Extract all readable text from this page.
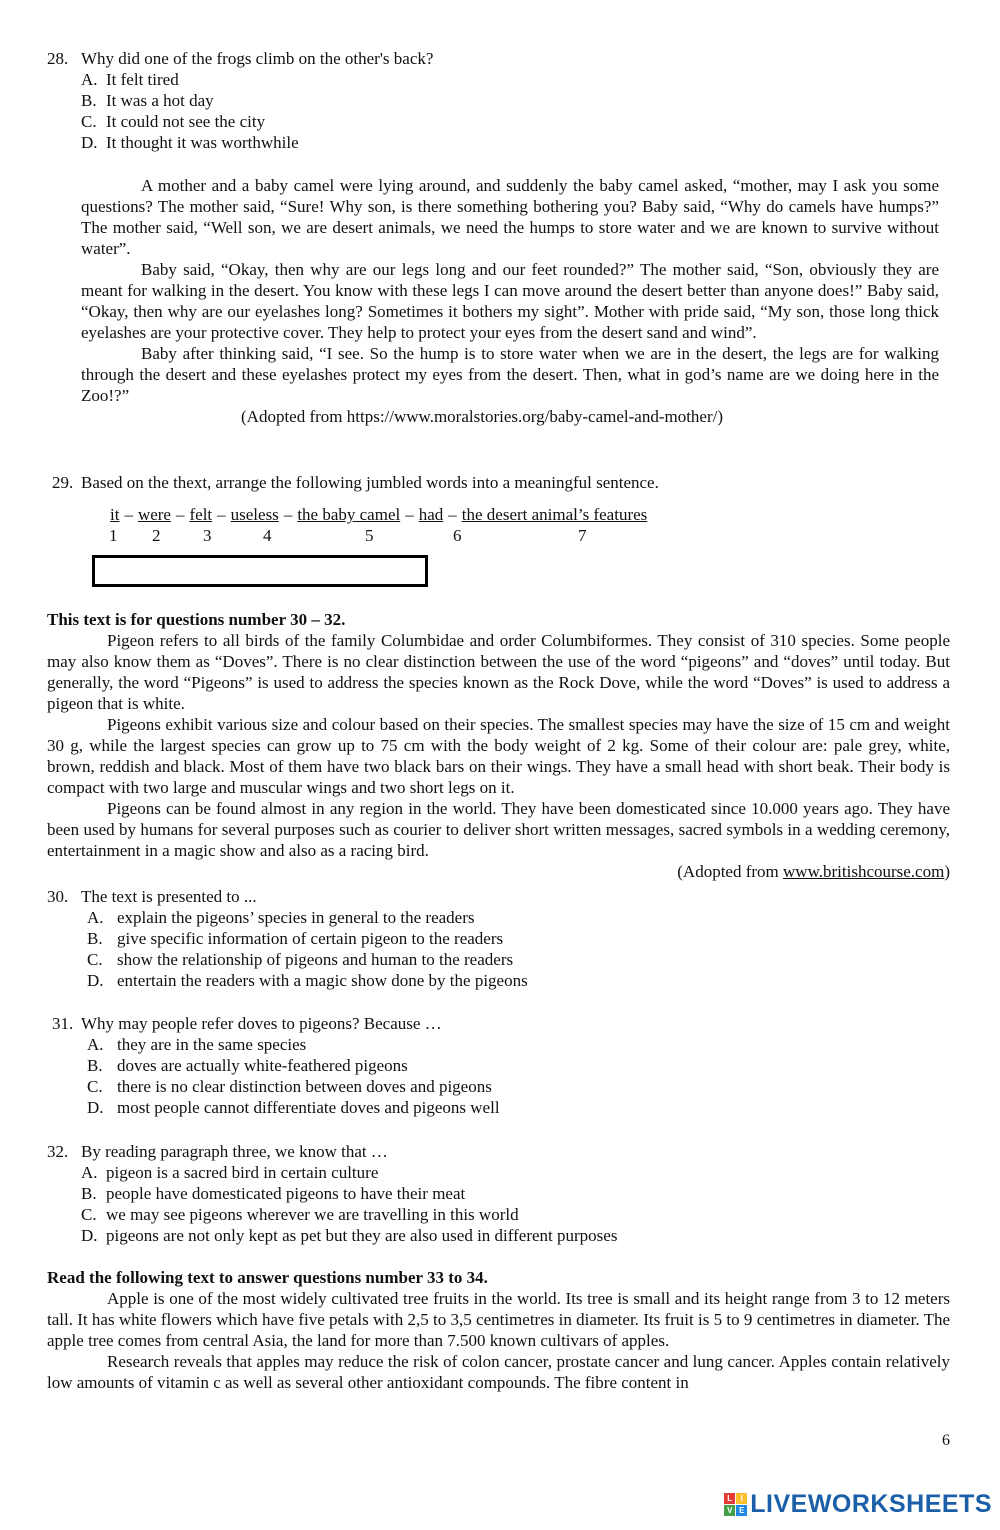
28. Why did one of the frogs climb on the other's back?
A. It felt tired
B. It was a hot day
C. It could not see the city
D. It thought it was worthwhile
A mother and a baby camel were lying around, and suddenly the baby camel asked, “mother, may I ask you some questions? The mother said, “Sure! Why son, is there something bothering you? Baby said, “Why do camels have humps?” The mother said, “Well son, we are desert animals, we need the humps to store water and we are known to survive without water”.
Baby said, “Okay, then why are our legs long and our feet rounded?” The mother said, “Son, obviously they are meant for walking in the desert. You know with these legs I can move around the desert better than anyone does!” Baby said, “Okay, then why are our eyelashes long? Sometimes it bothers my sight”. Mother with pride said, “My son, those long thick eyelashes are your protective cover. They help to protect your eyes from the desert sand and wind”.
Baby after thinking said, “I see. So the hump is to store water when we are in the desert, the legs are for walking through the desert and these eyelashes protect my eyes from the desert. Then, what in god’s name are we doing here in the Zoo!?”
(Adopted from https://www.moralstories.org/baby-camel-and-mother/)
29. Based on the thext, arrange the following jumbled words into a meaningful sentence.
it – were – felt – useless – the baby camel – had – the desert animal’s features
1 2	3	4	5	6	7
This text is for questions number 30 – 32.
Pigeon refers to all birds of the family Columbidae and order Columbiformes. They consist of 310 species. Some people may also know them as “Doves”. There is no clear distinction between the use of the word “pigeons” and “doves” until today. But generally, the word “Pigeons” is used to address the species known as the Rock Dove, while the word “Doves” is used to address a pigeon that is white.
Pigeons exhibit various size and colour based on their species. The smallest species may have the size of 15 cm and weight 30 g, while the largest species can grow up to 75 cm with the body weight of 2 kg. Some of their colour are: pale grey, white, brown, reddish and black. Most of them have two black bars on their wings. They have a small head with short beak. Their body is compact with two large and muscular wings and two short legs on it.
Pigeons can be found almost in any region in the world. They have been domesticated since 10.000 years ago. They have been used by humans for several purposes such as courier to deliver short written messages, sacred symbols in a wedding ceremony, entertainment in a magic show and also as a racing bird.
(Adopted from www.britishcourse.com)
30. The text is presented to ...
A. explain the pigeons’ species in general to the readers
B. give specific information of certain pigeon to the readers
C. show the relationship of pigeons and human to the readers
D. entertain the readers with a magic show done by the pigeons
31. Why may people refer doves to pigeons? Because …
A. they are in the same species
B. doves are actually white-feathered pigeons
C. there is no clear distinction between doves and pigeons
D. most people cannot differentiate doves and pigeons well
32. By reading paragraph three, we know that …
A. pigeon is a sacred bird in certain culture
B. people have domesticated pigeons to have their meat
C. we may see pigeons wherever we are travelling in this world
D. pigeons are not only kept as pet but they are also used in different purposes
Read the following text to answer questions number 33 to 34.
Apple is one of the most widely cultivated tree fruits in the world. Its tree is small and its height range from 3 to 12 meters tall. It has white flowers which have five petals with 2,5 to 3,5 centimetres in diameter. Its fruit is 5 to 9 centimetres in diameter. The apple tree comes from central Asia, the land for more than 7.500 known cultivars of apples.
Research reveals that apples may reduce the risk of colon cancer, prostate cancer and lung cancer. Apples contain relatively low amounts of vitamin c as well as several other antioxidant compounds. The fibre content in
6
L	I
V E LIVEWORKSHEETS
